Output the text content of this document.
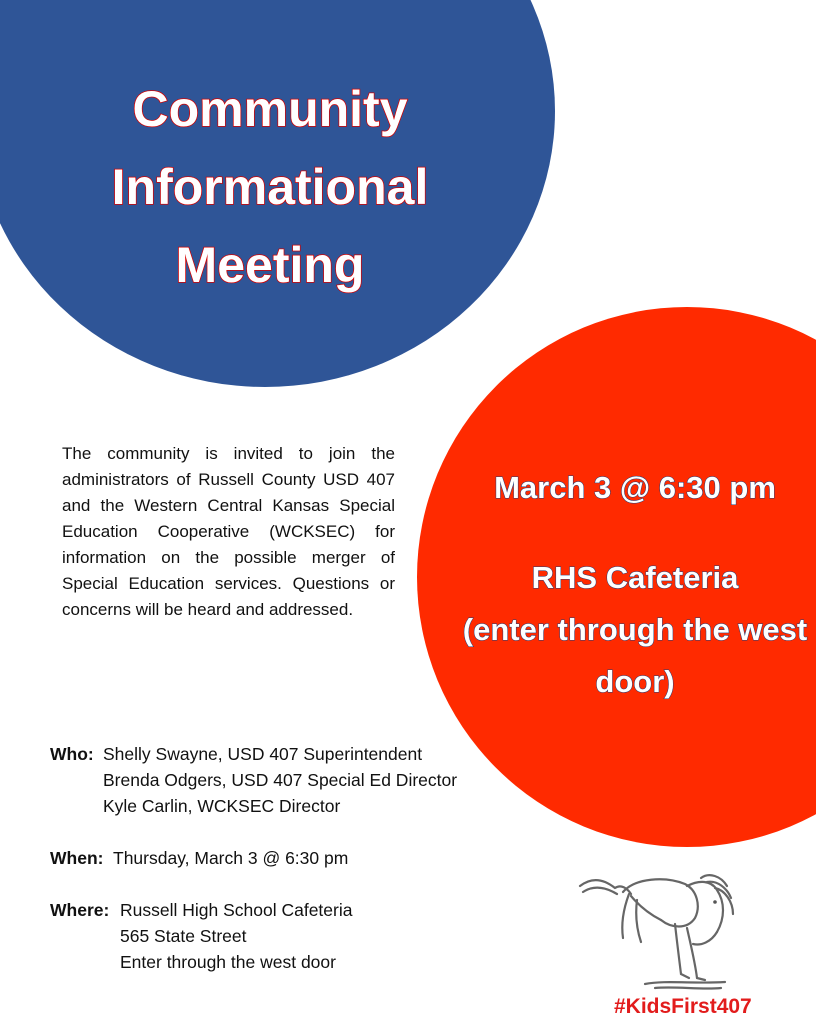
Community
Informational
Meeting

The community is invited to join the administrators of Russell County USD 407 and the Western Central Kansas Special Education Cooperative (WCKSEC) for information on the possible merger of Special Education services. Questions or concerns will be heard and addressed.

March 3 @ 6:30 pm
RHS Cafeteria
(enter through the west door)
Who: Shelly Swayne, USD 407 Superintendent
Brenda Odgers, USD 407 Special Ed Director
Kyle Carlin, WCKSEC Director
When: Thursday, March 3 @ 6:30 pm
Where: Russell High School Cafeteria
565 State Street
Enter through the west door

#KidsFirst407
